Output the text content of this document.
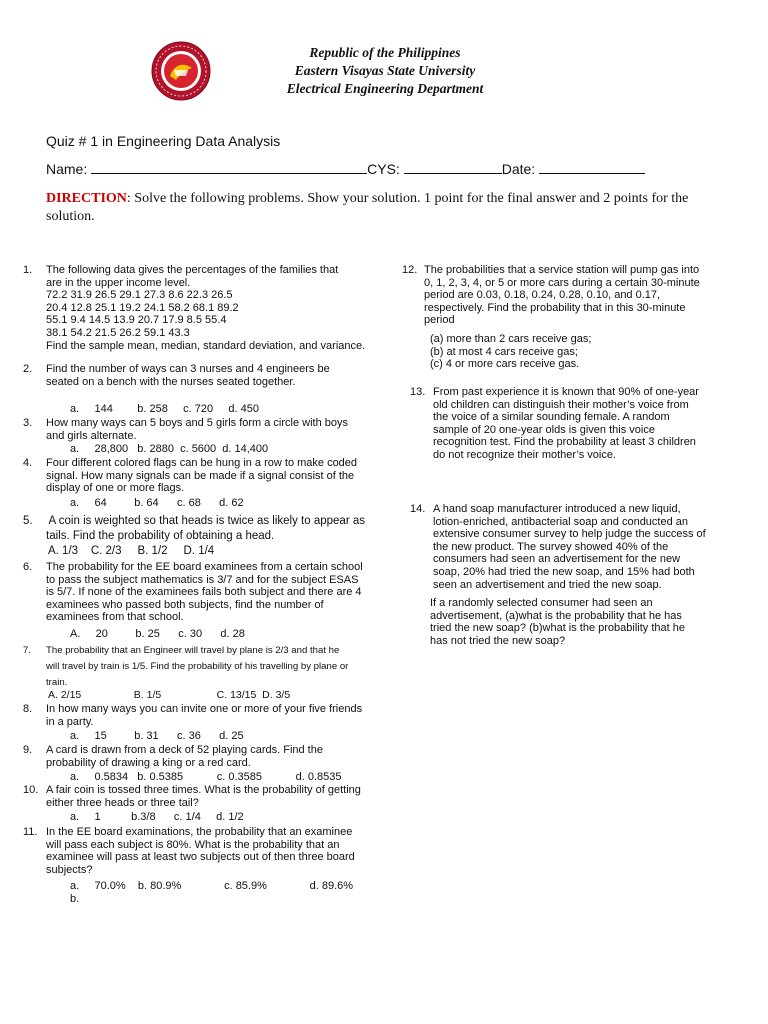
Republic of the Philippines
Eastern Visayas State University
Electrical Engineering Department
Quiz # 1 in Engineering Data Analysis
Name:	CYS:	Date:
DIRECTION: Solve the following problems. Show your solution. 1 point for the final answer and 2 points for the solution.
1. The following data gives the percentages of the families that
are in the upper income level.
72.2 31.9 26.5 29.1 27.3 8.6 22.3 26.5
20.4 12.8 25.1 19.2 24.1 58.2 68.1 89.2
55.1 9.4 14.5 13.9 20.7 17.9 8.5 55.4
38.1 54.2 21.5 26.2 59.1 43.3
Find the sample mean, median, standard deviation, and variance.
2. Find the number of ways can 3 nurses and 4 engineers be
seated on a bench with the nurses seated together.
a.     144        b. 258     c. 720     d. 450
3. How many ways can 5 boys and 5 girls form a circle with boys
and girls alternate.
a.     28,800   b. 2880  c. 5600  d. 14,400
4. Four different colored flags can be hung in a row to make coded
signal. How many signals can be made if a signal consist of the
display of one or more flags.
a.     64         b. 64      c. 68      d. 62
5. A coin is weighted so that heads is twice as likely to appear as
tails. Find the probability of obtaining a head.
A. 1/3    C. 2/3     B. 1/2     D. 1/4
6. The probability for the EE board examinees from a certain school
to pass the subject mathematics is 3/7 and for the subject ESAS
is 5/7. If none of the examinees fails both subject and there are 4
examinees who passed both subjects, find the number of
examinees from that school.
A.     20         b. 25      c. 30      d. 28
7. The probability that an Engineer will travel by plane is 2/3 and that he
will travel by train is 1/5. Find the probability of his travelling by plane or
train.
A. 2/15                  B. 1/5                   C. 13/15  D. 3/5
8. In how many ways you can invite one or more of your five friends
in a party.
a.     15         b. 31      c. 36      d. 25
9. A card is drawn from a deck of 52 playing cards. Find the
probability of drawing a king or a red card.
a.     0.5834   b. 0.5385           c. 0.3585           d. 0.8535
10. A fair coin is tossed three times. What is the probability of getting
either three heads or three tail?
a.     1          b.3/8      c. 1/4     d. 1/2
11. In the EE board examinations, the probability that an examinee
will pass each subject is 80%. What is the probability that an
examinee will pass at least two subjects out of then three board
subjects?
a.     70.0%    b. 80.9%              c. 85.9%              d. 89.6%
b.
12. The probabilities that a service station will pump gas into
0, 1, 2, 3, 4, or 5 or more cars during a certain 30-minute
period are 0.03, 0.18, 0.24, 0.28, 0.10, and 0.17,
respectively. Find the probability that in this 30-minute
period
(a) more than 2 cars receive gas;
(b) at most 4 cars receive gas;
(c) 4 or more cars receive gas.
13. From past experience it is known that 90% of one-year
old children can distinguish their mother’s voice from
the voice of a similar sounding female. A random
sample of 20 one-year olds is given this voice
recognition test. Find the probability at least 3 children
do not recognize their mother’s voice.
14. A hand soap manufacturer introduced a new liquid,
lotion-enriched, antibacterial soap and conducted an
extensive consumer survey to help judge the success of
the new product. The survey showed 40% of the
consumers had seen an advertisement for the new
soap, 20% had tried the new soap, and 15% had both
seen an advertisement and tried the new soap.
If a randomly selected consumer had seen an
advertisement, (a)what is the probability that he has
tried the new soap? (b)what is the probability that he
has not tried the new soap?
